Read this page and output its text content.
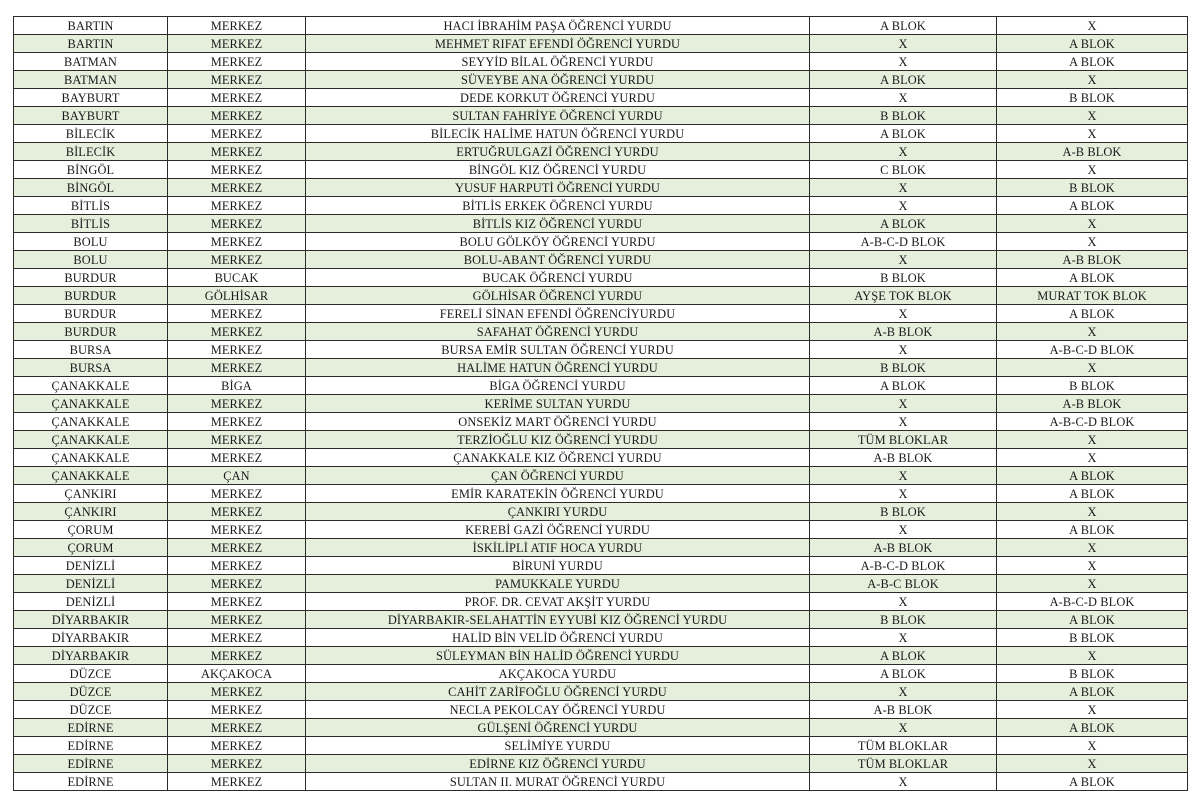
BARTIN	MERKEZ	HACI İBRAHİM PAŞA ÖĞRENCİ YURDU	A BLOK	X
BARTIN	MERKEZ	MEHMET RIFAT EFENDİ ÖĞRENCİ YURDU	X	A BLOK
BATMAN	MERKEZ	SEYYİD BİLAL ÖĞRENCİ YURDU	X	A BLOK
BATMAN	MERKEZ	SÜVEYBE ANA ÖĞRENCİ YURDU	A BLOK	X
BAYBURT	MERKEZ	DEDE KORKUT ÖĞRENCİ YURDU	X	B BLOK
BAYBURT	MERKEZ	SULTAN FAHRİYE ÖĞRENCİ YURDU	B BLOK	X
BİLECİK	MERKEZ	BİLECİK HALİME HATUN ÖĞRENCİ YURDU	A BLOK	X
BİLECİK	MERKEZ	ERTUĞRULGAZİ ÖĞRENCİ YURDU	X	A-B BLOK
BİNGÖL	MERKEZ	BİNGÖL KIZ ÖĞRENCİ YURDU	C BLOK	X
BİNGÖL	MERKEZ	YUSUF HARPUTİ ÖĞRENCİ YURDU	X	B BLOK
BİTLİS	MERKEZ	BİTLİS ERKEK ÖĞRENCİ YURDU	X	A BLOK
BİTLİS	MERKEZ	BİTLİS KIZ ÖĞRENCİ YURDU	A BLOK	X
BOLU	MERKEZ	BOLU GÖLKÖY ÖĞRENCİ YURDU	A-B-C-D BLOK	X
BOLU	MERKEZ	BOLU-ABANT ÖĞRENCİ YURDU	X	A-B BLOK
BURDUR	BUCAK	BUCAK ÖĞRENCİ YURDU	B BLOK	A BLOK
BURDUR	GÖLHİSAR	GÖLHİSAR ÖĞRENCİ YURDU	AYŞE TOK BLOK	MURAT TOK BLOK
BURDUR	MERKEZ	FERELİ SİNAN EFENDİ ÖĞRENCİYURDU	X	A BLOK
BURDUR	MERKEZ	SAFAHAT ÖĞRENCİ YURDU	A-B BLOK	X
BURSA	MERKEZ	BURSA EMİR SULTAN ÖĞRENCİ YURDU	X	A-B-C-D BLOK
BURSA	MERKEZ	HALİME HATUN ÖĞRENCİ YURDU	B BLOK	X
ÇANAKKALE	BİGA	BİGA ÖĞRENCİ YURDU	A BLOK	B BLOK
ÇANAKKALE	MERKEZ	KERİME SULTAN YURDU	X	A-B BLOK
ÇANAKKALE	MERKEZ	ONSEKİZ MART ÖĞRENCİ YURDU	X	A-B-C-D BLOK
ÇANAKKALE	MERKEZ	TERZİOĞLU KIZ ÖĞRENCİ YURDU	TÜM BLOKLAR	X
ÇANAKKALE	MERKEZ	ÇANAKKALE KIZ ÖĞRENCİ YURDU	A-B BLOK	X
ÇANAKKALE	ÇAN	ÇAN ÖĞRENCİ YURDU	X	A BLOK
ÇANKIRI	MERKEZ	EMİR KARATEKİN ÖĞRENCİ YURDU	X	A BLOK
ÇANKIRI	MERKEZ	ÇANKIRI YURDU	B BLOK	X
ÇORUM	MERKEZ	KEREBİ GAZİ ÖĞRENCİ YURDU	X	A BLOK
ÇORUM	MERKEZ	İSKİLİPLİ ATIF HOCA YURDU	A-B BLOK	X
DENİZLİ	MERKEZ	BİRUNİ YURDU	A-B-C-D BLOK	X
DENİZLİ	MERKEZ	PAMUKKALE YURDU	A-B-C BLOK	X
DENİZLİ	MERKEZ	PROF. DR. CEVAT AKŞİT YURDU	X	A-B-C-D BLOK
DİYARBAKIR	MERKEZ	DİYARBAKIR-SELAHATTİN EYYUBİ KIZ ÖĞRENCİ YURDU	B BLOK	A BLOK
DİYARBAKIR	MERKEZ	HALİD BİN VELİD ÖĞRENCİ YURDU	X	B BLOK
DİYARBAKIR	MERKEZ	SÜLEYMAN BİN HALİD ÖĞRENCİ YURDU	A BLOK	X
DÜZCE	AKÇAKOCA	AKÇAKOCA YURDU	A BLOK	B BLOK
DÜZCE	MERKEZ	CAHİT ZARİFOĞLU ÖĞRENCİ YURDU	X	A BLOK
DÜZCE	MERKEZ	NECLA PEKOLCAY ÖĞRENCİ YURDU	A-B BLOK	X
EDİRNE	MERKEZ	GÜLŞENİ ÖĞRENCİ YURDU	X	A BLOK
EDİRNE	MERKEZ	SELİMİYE YURDU	TÜM BLOKLAR	X
EDİRNE	MERKEZ	EDİRNE KIZ ÖĞRENCİ YURDU	TÜM BLOKLAR	X
EDİRNE	MERKEZ	SULTAN II. MURAT ÖĞRENCİ YURDU	X	A BLOK
